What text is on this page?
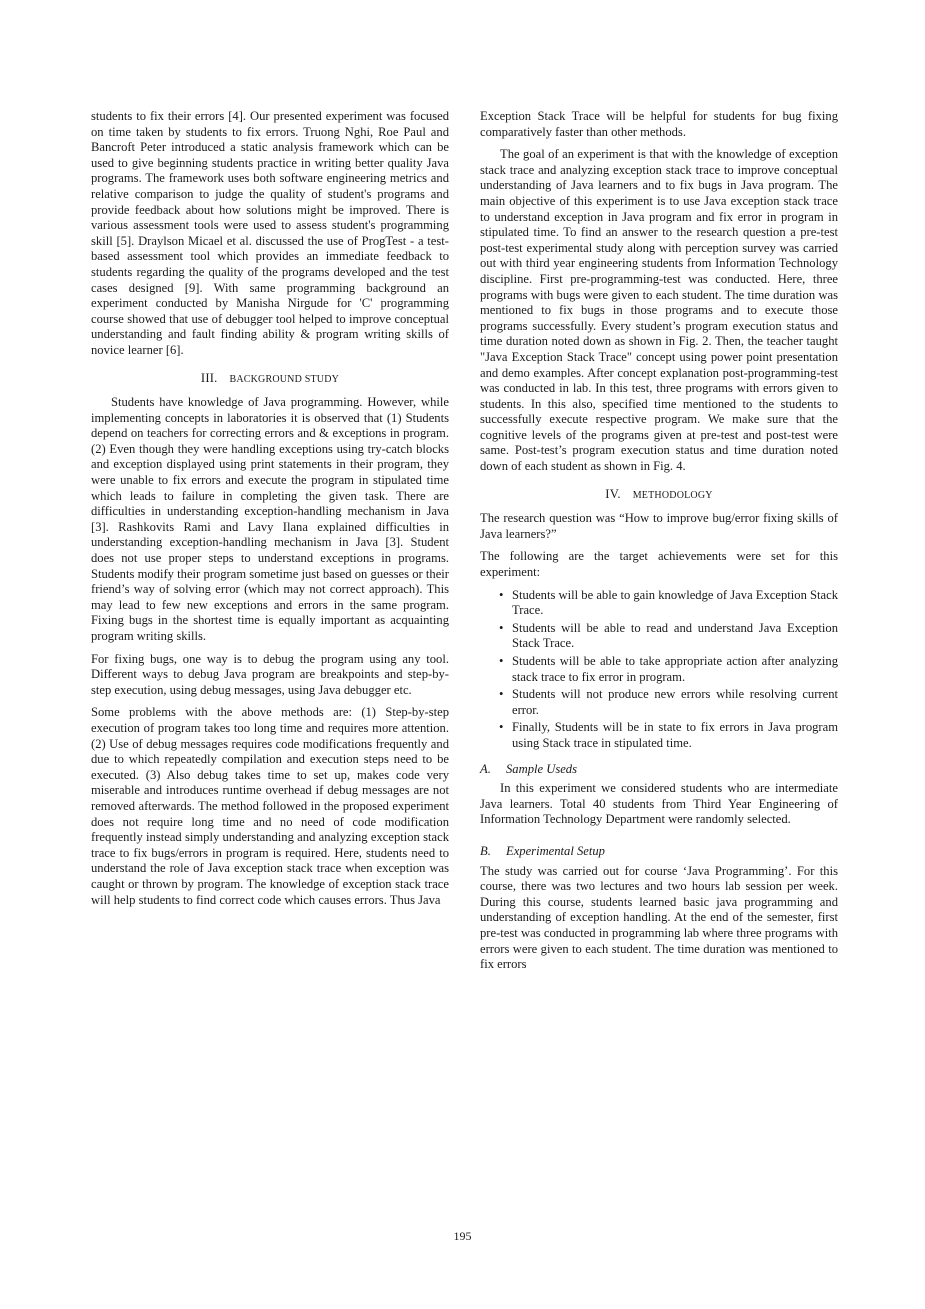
students to fix their errors [4]. Our presented experiment was focused on time taken by students to fix errors. Truong Nghi, Roe Paul and Bancroft Peter introduced a static analysis framework which can be used to give beginning students practice in writing better quality Java programs. The framework uses both software engineering metrics and relative comparison to judge the quality of student's programs and provide feedback about how solutions might be improved. There is various assessment tools were used to assess student's programming skill [5]. Draylson Micael et al. discussed the use of ProgTest - a test-based assessment tool which provides an immediate feedback to students regarding the quality of the programs developed and the test cases designed [9]. With same programming background an experiment conducted by Manisha Nirgude for 'C' programming course showed that use of debugger tool helped to improve conceptual understanding and fault finding ability & program writing skills of novice learner [6].

III. BACKGROUND STUDY

Students have knowledge of Java programming. However, while implementing concepts in laboratories it is observed that (1) Students depend on teachers for correcting errors and & exceptions in program. (2) Even though they were handling exceptions using try-catch blocks and exception displayed using print statements in their program, they were unable to fix errors and execute the program in stipulated time which leads to failure in completing the given task. There are difficulties in understanding exception-handling mechanism in Java [3]. Rashkovits Rami and Lavy Ilana explained difficulties in understanding exception-handling mechanism in Java [3]. Student does not use proper steps to understand exceptions in programs. Students modify their program sometime just based on guesses or their friend’s way of solving error (which may not correct approach). This may lead to few new exceptions and errors in the same program. Fixing bugs in the shortest time is equally important as acquainting program writing skills.

For fixing bugs, one way is to debug the program using any tool. Different ways to debug Java program are breakpoints and step-by-step execution, using debug messages, using Java debugger etc.

Some problems with the above methods are: (1) Step-by-step execution of program takes too long time and requires more attention. (2) Use of debug messages requires code modifications frequently and due to which repeatedly compilation and execution steps need to be executed. (3) Also debug takes time to set up, makes code very miserable and introduces runtime overhead if debug messages are not removed afterwards. The method followed in the proposed experiment does not require long time and no need of code modification frequently instead simply understanding and analyzing exception stack trace to fix bugs/errors in program is required. Here, students need to understand the role of Java exception stack trace when exception was caught or thrown by program. The knowledge of exception stack trace will help students to find correct code which causes errors. Thus Java

Exception Stack Trace will be helpful for students for bug fixing comparatively faster than other methods.

The goal of an experiment is that with the knowledge of exception stack trace and analyzing exception stack trace to improve conceptual understanding of Java learners and to fix bugs in Java program. The main objective of this experiment is to use Java exception stack trace to understand exception in Java program and fix error in program in stipulated time. To find an answer to the research question a pre-test post-test experimental study along with perception survey was carried out with third year engineering students from Information Technology discipline. First pre-programming-test was conducted. Here, three programs with bugs were given to each student. The time duration was mentioned to fix bugs in those programs and to execute those programs successfully. Every student’s program execution status and time duration noted down as shown in Fig. 2. Then, the teacher taught "Java Exception Stack Trace" concept using power point presentation and demo examples. After concept explanation post-programming-test was conducted in lab. In this test, three programs with errors given to students. In this also, specified time mentioned to the students to successfully execute respective program. We make sure that the cognitive levels of the programs given at pre-test and post-test were same. Post-test’s program execution status and time duration noted down of each student as shown in Fig. 4.

IV. METHODOLOGY

The research question was “How to improve bug/error fixing skills of Java learners?”

The following are the target achievements were set for this experiment:

• Students will be able to gain knowledge of Java Exception Stack Trace.
• Students will be able to read and understand Java Exception Stack Trace.
• Students will be able to take appropriate action after analyzing stack trace to fix error in program.
• Students will not produce new errors while resolving current error.
• Finally, Students will be in state to fix errors in Java program using Stack trace in stipulated time.
A. Sample Useds

In this experiment we considered students who are intermediate Java learners. Total 40 students from Third Year Engineering of Information Technology Department were randomly selected.

B. Experimental Setup

The study was carried out for course ‘Java Programming’. For this course, there was two lectures and two hours lab session per week. During this course, students learned basic java programming and understanding of exception handling. At the end of the semester, first pre-test was conducted in programming lab where three programs with errors were given to each student. The time duration was mentioned to fix errors

195
